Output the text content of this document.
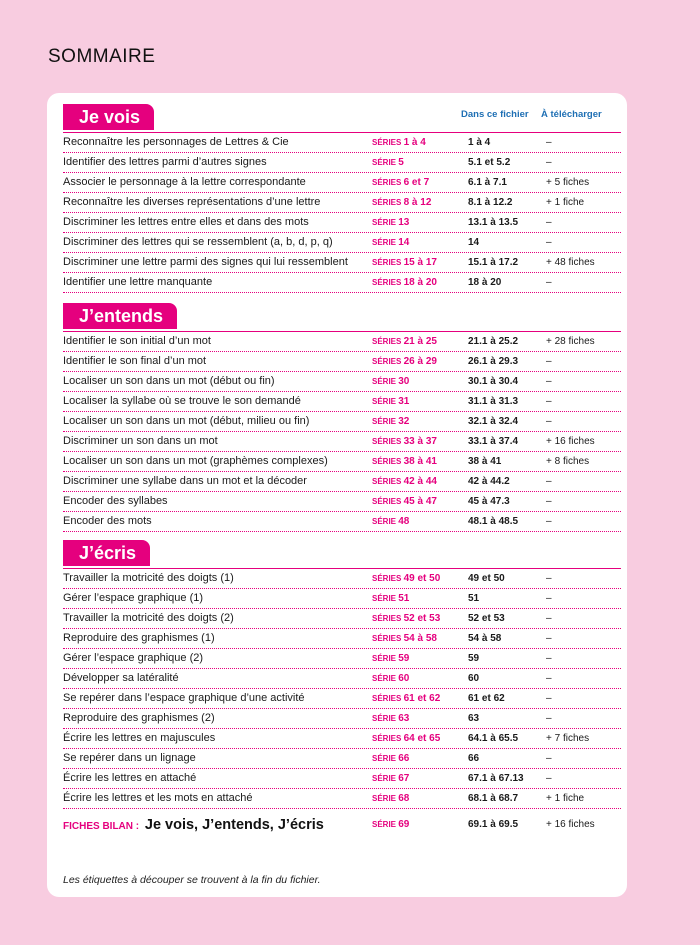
SOMMAIRE
Dans ce fichier À télécharger
Je vois
Reconnaître les personnages de Lettres & Cie	SÉRIES 1 à 4	1 à 4	–
Identifier des lettres parmi d’autres signes	SÉRIE 5	5.1 et 5.2	–
Associer le personnage à la lettre correspondante	SÉRIES 6 et 7	6.1 à 7.1	+ 5 fiches
Reconnaître les diverses représentations d’une lettre	SÉRIES 8 à 12	8.1 à 12.2	+ 1 fiche
Discriminer les lettres entre elles et dans des mots	SÉRIE 13	13.1 à 13.5	–
Discriminer des lettres qui se ressemblent (a, b, d, p, q)	SÉRIE 14	14	–
Discriminer une lettre parmi des signes qui lui ressemblent	SÉRIES 15 à 17	15.1 à 17.2	+ 48 fiches
Identifier une lettre manquante	SÉRIES 18 à 20	18 à 20	–
J’entends
Identifier le son initial d’un mot	SÉRIES 21 à 25	21.1 à 25.2	+ 28 fiches
Identifier le son final d’un mot	SÉRIES 26 à 29	26.1 à 29.3	–
Localiser un son dans un mot (début ou fin)	SÉRIE 30	30.1 à 30.4	–
Localiser la syllabe où se trouve le son demandé	SÉRIE 31	31.1 à 31.3	–
Localiser un son dans un mot (début, milieu ou fin)	SÉRIE 32	32.1 à 32.4	–
Discriminer un son dans un mot	SÉRIES 33 à 37	33.1 à 37.4	+ 16 fiches
Localiser un son dans un mot (graphèmes complexes)	SÉRIES 38 à 41	38 à 41	+ 8 fiches
Discriminer une syllabe dans un mot et la décoder	SÉRIES 42 à 44	42 à 44.2	–
Encoder des syllabes	SÉRIES 45 à 47	45 à 47.3	–
Encoder des mots	SÉRIE 48	48.1 à 48.5	–
J’écris
Travailler la motricité des doigts (1)	SÉRIES 49 et 50	49 et 50	–
Gérer l’espace graphique (1)	SÉRIE 51	51	–
Travailler la motricité des doigts (2)	SÉRIES 52 et 53	52 et 53	–
Reproduire des graphismes (1)	SÉRIES 54 à 58	54 à 58	–
Gérer l’espace graphique (2)	SÉRIE 59	59	–
Développer sa latéralité	SÉRIE 60	60	–
Se repérer dans l’espace graphique d’une activité	SÉRIES 61 et 62	61 et 62	–
Reproduire des graphismes (2)	SÉRIE 63	63	–
Écrire les lettres en majuscules	SÉRIES 64 et 65	64.1 à 65.5	+ 7 fiches
Se repérer dans un lignage	SÉRIE 66	66	–
Écrire les lettres en attaché	SÉRIE 67	67.1 à 67.13 –
Écrire les lettres et les mots en attaché	SÉRIE 68	68.1 à 68.7	+ 1 fiche
FICHES BILAN : Je vois, J’entends, J’écris	SÉRIE 69	69.1 à 69.5	+ 16 fiches
Les étiquettes à découper se trouvent à la fin du fichier.
